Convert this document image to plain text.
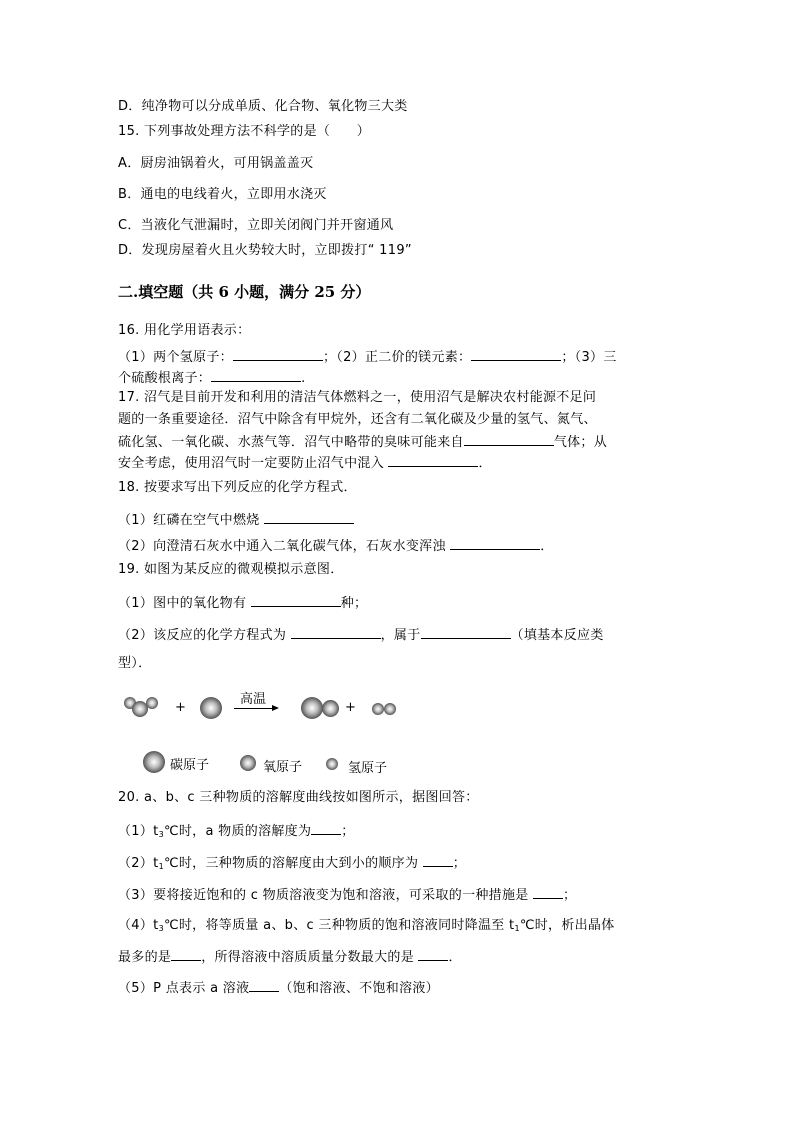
D．纯净物可以分成单质、化合物、氧化物三大类
15. 下列事故处理方法不科学的是（　　）
A．厨房油锅着火，可用锅盖盖灭
B．通电的电线着火，立即用水浇灭
C．当液化气泄漏时，立即关闭阀门并开窗通风
D．发现房屋着火且火势较大时，立即拨打“ 119”
二.填空题（共 6 小题，满分 25 分）
16. 用化学用语表示：
（1）两个氢原子：	；（2）正二价的镁元素：	；（3）三
个硫酸根离子：	.
17. 沼气是目前开发和利用的清洁气体燃料之一，使用沼气是解决农村能源不足问
题的一条重要途径．沼气中除含有甲烷外，还含有二氧化碳及少量的氢气、氮气、
硫化氢、一氧化碳、水蒸气等．沼气中略带的臭味可能来自	气体；从
安全考虑，使用沼气时一定要防止沼气中混入	．
18. 按要求写出下列反应的化学方程式．
（1）红磷在空气中燃烧
（2）向澄清石灰水中通入二氧化碳气体，石灰水变浑浊	．
19. 如图为某反应的微观模拟示意图．
（1）图中的氧化物有	种；
（2）该反应的化学方程式为	，属于	（填基本反应类
型）．
+
高温
+
碳原子	氧原子	氢原子
20. a、b、c 三种物质的溶解度曲线按如图所示，据图回答：
$(1)t_3℃$时，a 物质的溶解度为 ；
$(2)t_1℃$时，三种物质的溶解度由大到小的顺序为 ；
（3）要将接近饱和的 c 物质溶液变为饱和溶液，可采取的一种措施是 ；
$(4)t_3℃$时，将等质量 a、b、c 三种物质的饱和溶液同时降温至 $t_1℃$时，析出晶体
最多的是 ，所得溶液中溶质质量分数最大的是 ．
（5）P 点表示 a 溶液 （饱和溶液、不饱和溶液）
